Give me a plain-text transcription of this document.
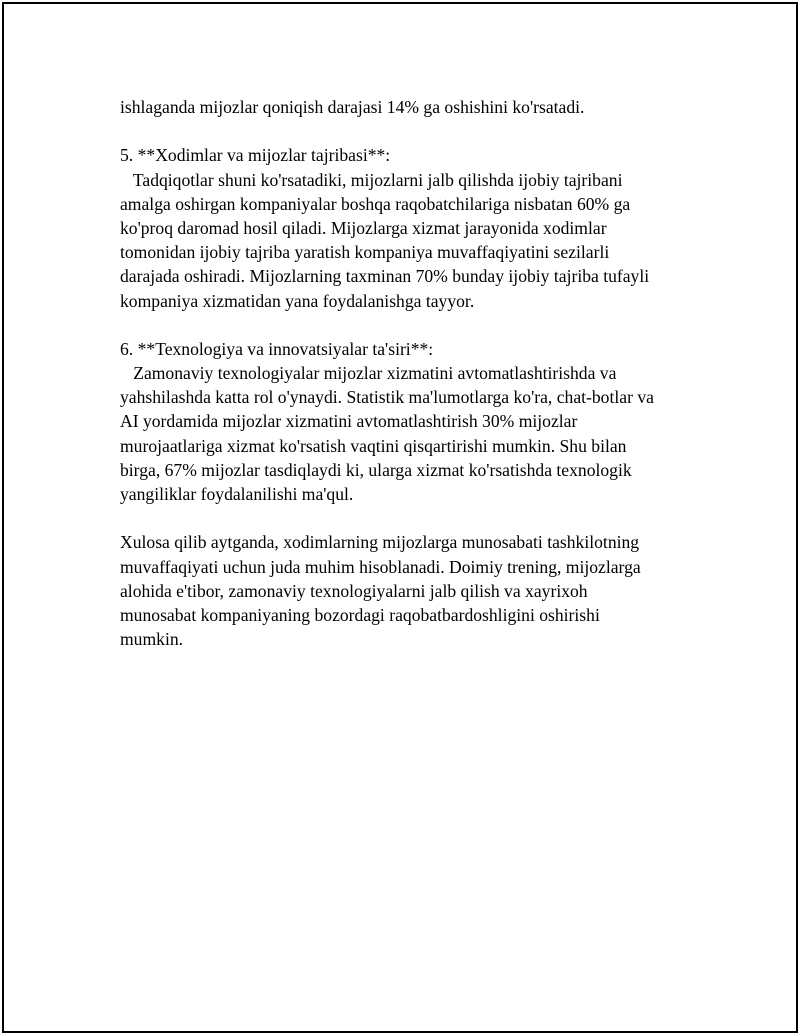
ishlaganda mijozlar qoniqish darajasi 14% ga oshishini ko'rsatadi.
5. **Xodimlar va mijozlar tajribasi**:
Tadqiqotlar shuni ko'rsatadiki, mijozlarni jalb qilishda ijobiy tajribani
amalga oshirgan kompaniyalar boshqa raqobatchilariga nisbatan 60% ga
ko'proq daromad hosil qiladi. Mijozlarga xizmat jarayonida xodimlar
tomonidan ijobiy tajriba yaratish kompaniya muvaffaqiyatini sezilarli
darajada oshiradi. Mijozlarning taxminan 70% bunday ijobiy tajriba tufayli
kompaniya xizmatidan yana foydalanishga tayyor.
6. **Texnologiya va innovatsiyalar ta'siri**:
Zamonaviy texnologiyalar mijozlar xizmatini avtomatlashtirishda va
yahshilashda katta rol o'ynaydi. Statistik ma'lumotlarga ko'ra, chat-botlar va
AI yordamida mijozlar xizmatini avtomatlashtirish 30% mijozlar
murojaatlariga xizmat ko'rsatish vaqtini qisqartirishi mumkin. Shu bilan
birga, 67% mijozlar tasdiqlaydi ki, ularga xizmat ko'rsatishda texnologik
yangiliklar foydalanilishi ma'qul.
Xulosa qilib aytganda, xodimlarning mijozlarga munosabati tashkilotning
muvaffaqiyati uchun juda muhim hisoblanadi. Doimiy trening, mijozlarga
alohida e'tibor, zamonaviy texnologiyalarni jalb qilish va xayrixoh
munosabat kompaniyaning bozordagi raqobatbardoshligini oshirishi
mumkin.
